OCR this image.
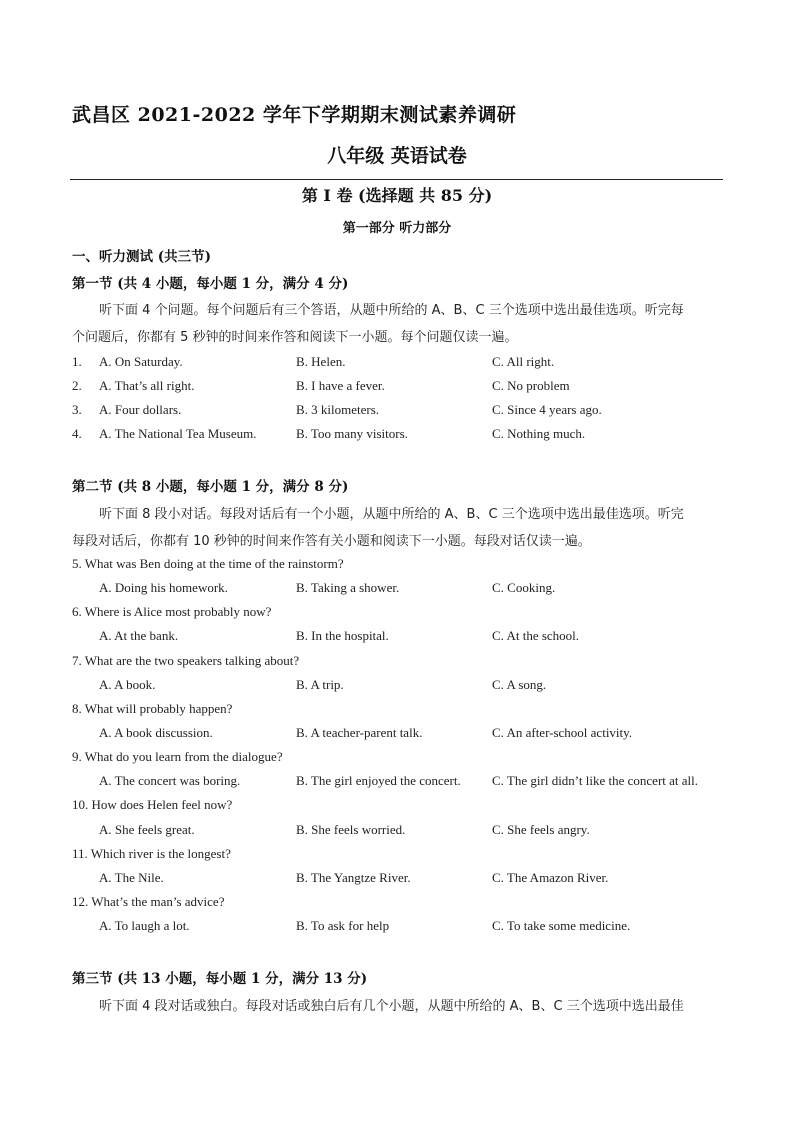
武昌区 2021-2022 学年下学期期末测试素养调研
八年级 英语试卷
第 I 卷 (选择题 共 85 分)
第一部分 听力部分
一、听力测试 (共三节)
第一节 (共 4 小题，每小题 1 分，满分 4 分)
听下面 4 个问题。每个问题后有三个答语，从题中所给的 A、B、C 三个选项中选出最佳选项。听完每
个问题后，你都有 5 秒钟的时间来作答和阅读下一小题。每个问题仅读一遍。
1. A. On Saturday.	B. Helen.	C. All right.
2. A. That’s all right.	B. I have a fever.	C. No problem
3. A. Four dollars.	B. 3 kilometers.	C. Since 4 years ago.
4. A. The National Tea Museum.	B. Too many visitors.	C. Nothing much.
第二节 (共 8 小题，每小题 1 分，满分 8 分)
听下面 8 段小对话。每段对话后有一个小题，从题中所给的 A、B、C 三个选项中选出最佳选项。听完
每段对话后，你都有 10 秒钟的时间来作答有关小题和阅读下一小题。每段对话仅读一遍。
5. What was Ben doing at the time of the rainstorm?
A. Doing his homework.	B. Taking a shower.	C. Cooking.
6. Where is Alice most probably now?
A. At the bank.	B. In the hospital.	C. At the school.
7. What are the two speakers talking about?
A. A book.	B. A trip.	C. A song.
8. What will probably happen?
A. A book discussion.	B. A teacher-parent talk.	C. An after-school activity.
9. What do you learn from the dialogue?
A. The concert was boring.	B. The girl enjoyed the concert. C. The girl didn’t like the concert at all.
10. How does Helen feel now?
A. She feels great.	B. She feels worried.	C. She feels angry.
11. Which river is the longest?
A. The Nile.	B. The Yangtze River.	C. The Amazon River.
12. What’s the man’s advice?
A. To laugh a lot.	B. To ask for help	C. To take some medicine.
第三节 (共 13 小题，每小题 1 分，满分 13 分)
听下面 4 段对话或独白。每段对话或独白后有几个小题，从题中所给的 A、B、C 三个选项中选出最佳
